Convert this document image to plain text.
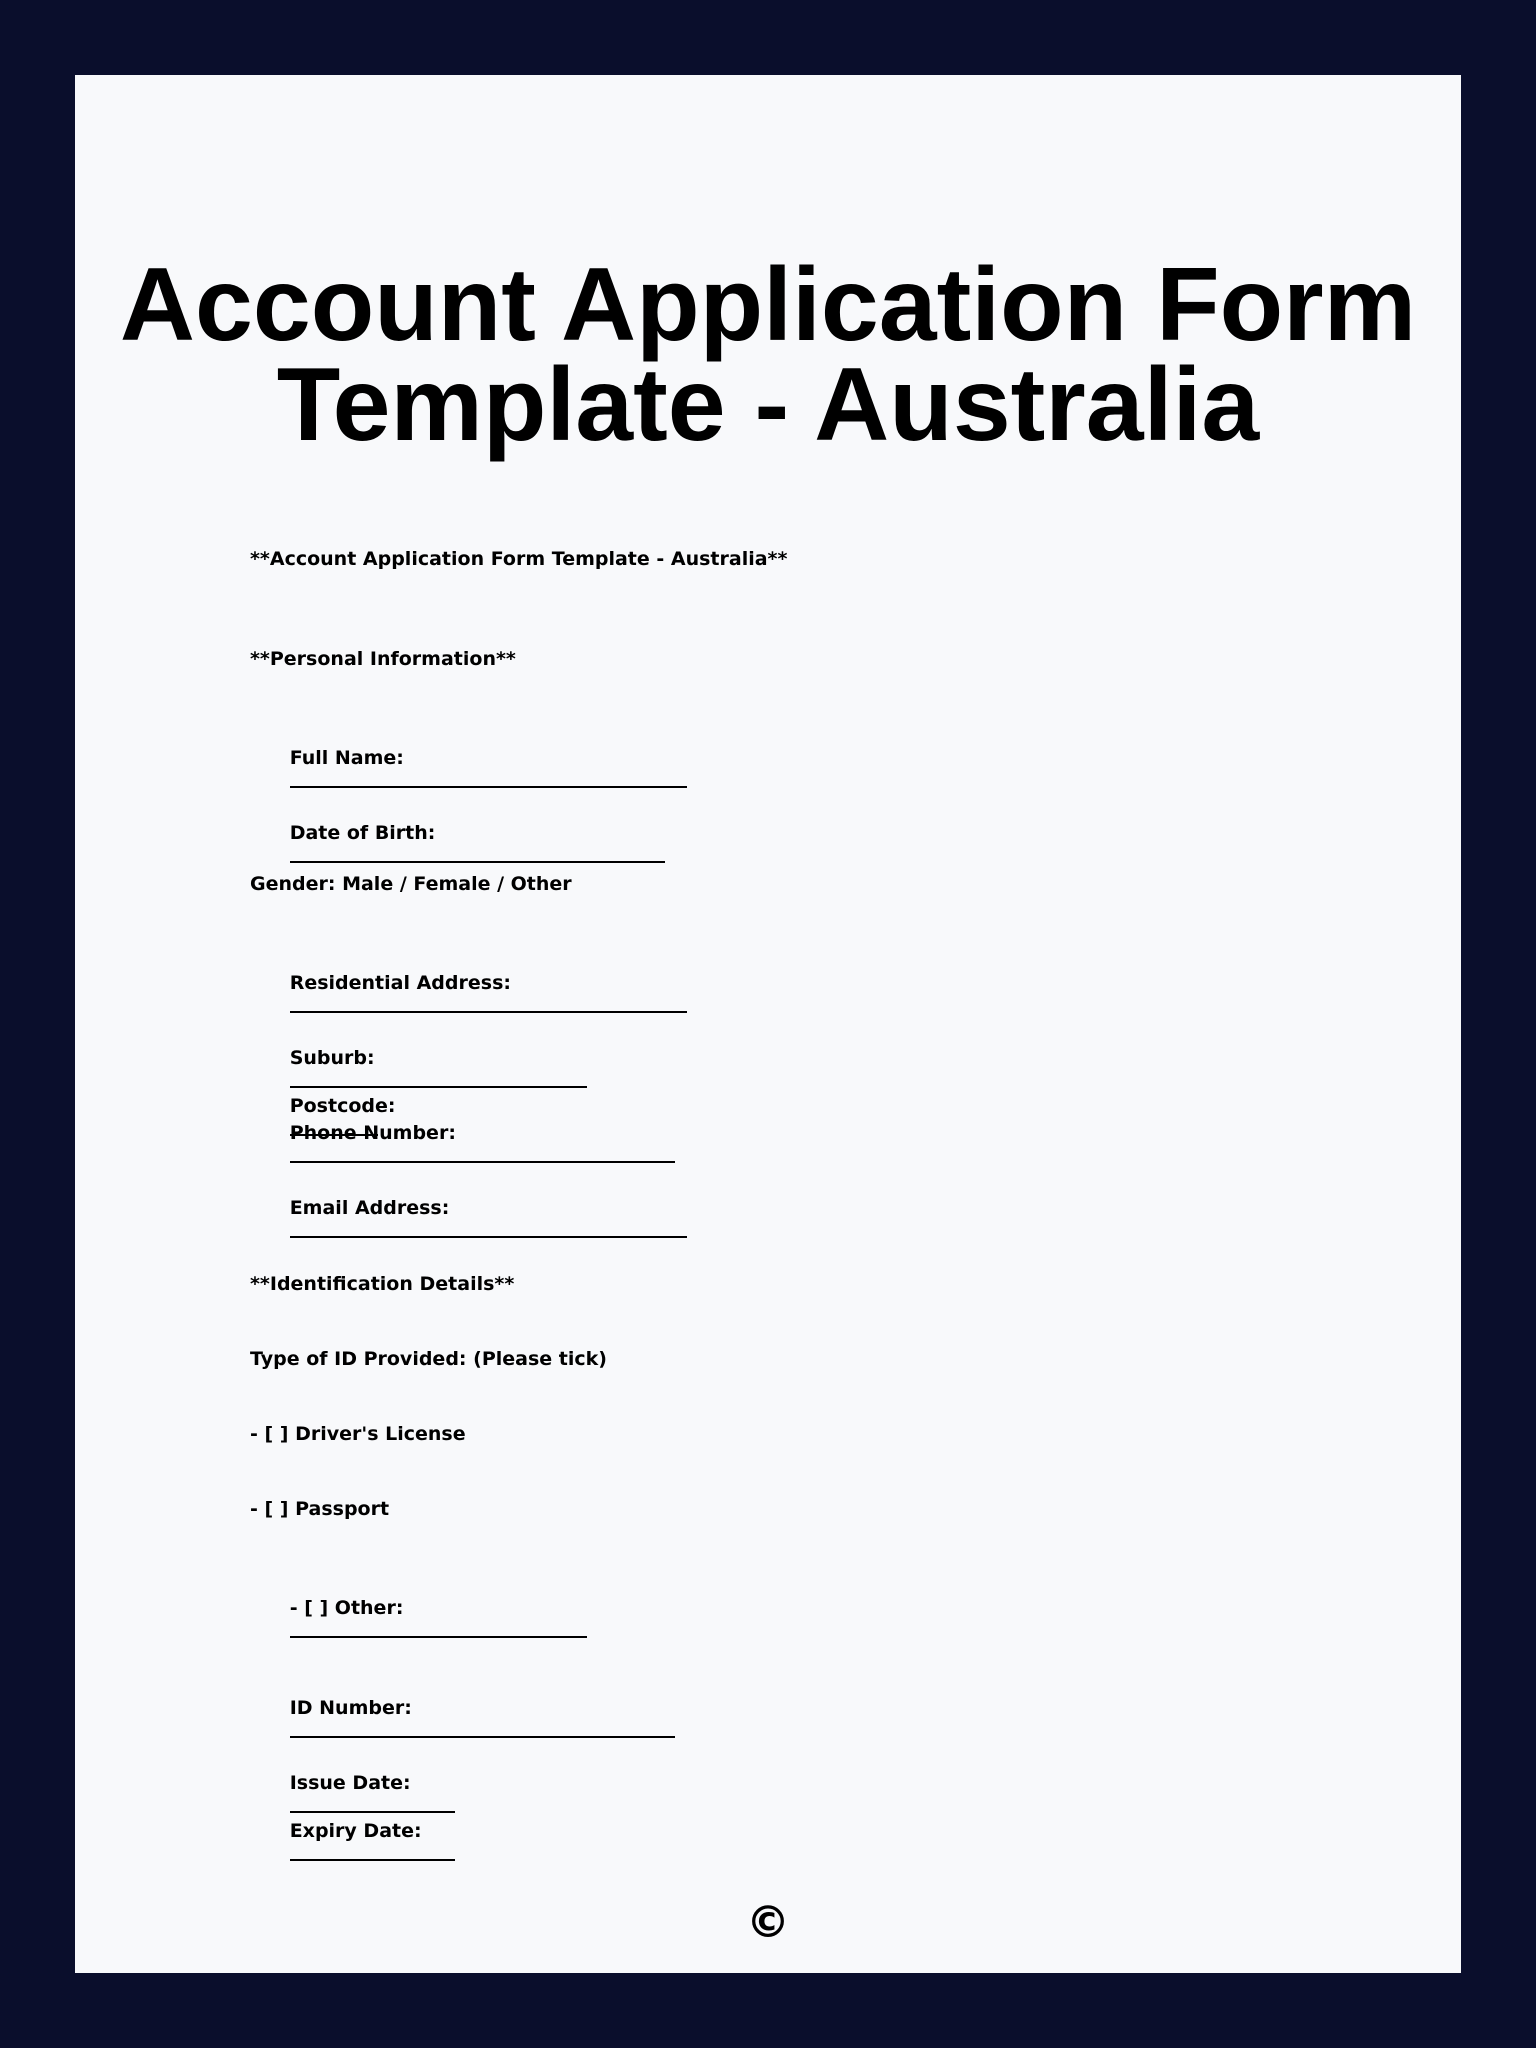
Account Application Form
Template - Australia

**Account Application Form Template - Australia**

**Personal Information**

Full Name:

Date of Birth:

Gender: Male / Female / Other

Residential Address:

Suburb:

Postcode:

Phone Number:

Email Address:

**Identification Details**

Type of ID Provided: (Please tick)

- [ ] Driver's License

- [ ] Passport

- [ ] Other:

ID Number:

Issue Date:

Expiry Date:

©
